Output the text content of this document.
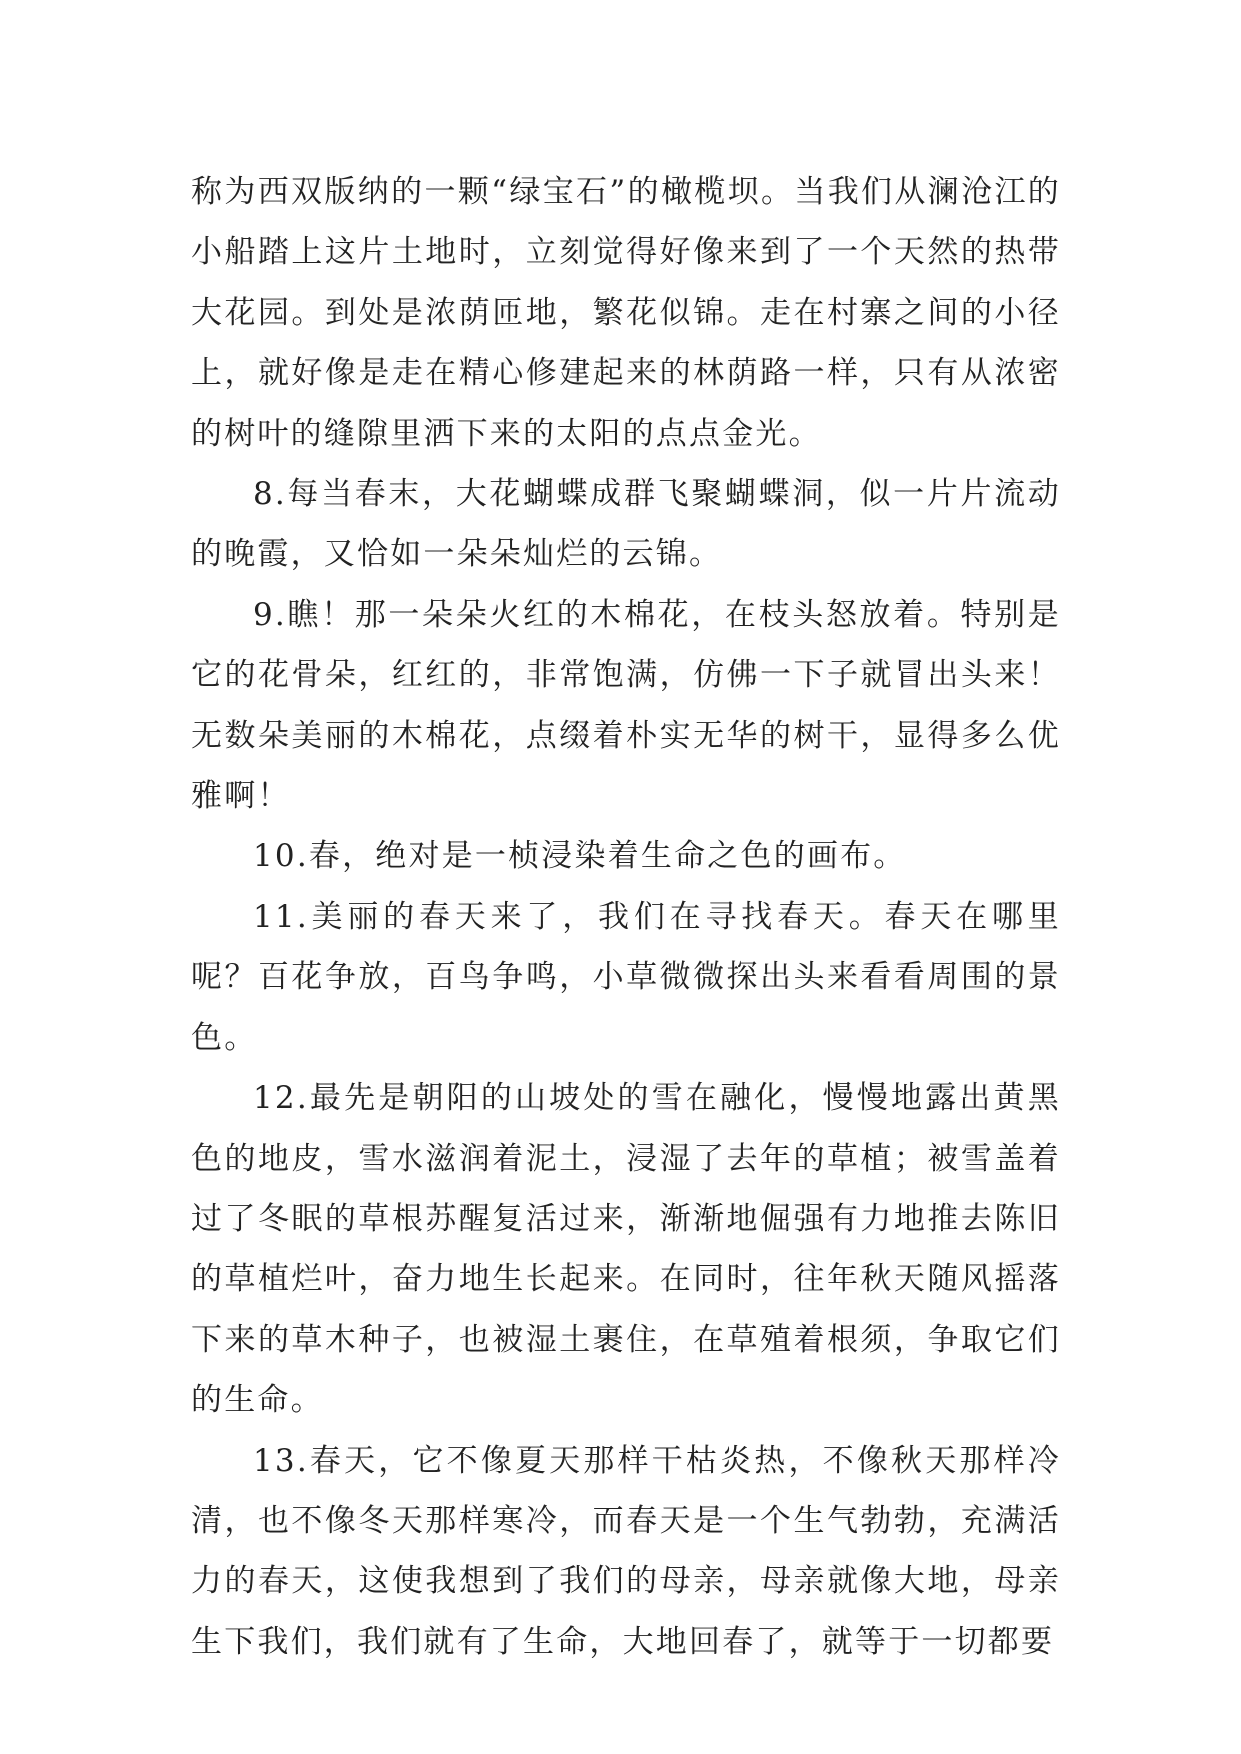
称为西双版纳的一颗“绿宝石”的橄榄坝。当我们从澜沧江的小船踏上这片土地时，立刻觉得好像来到了一个天然的热带大花园。到处是浓荫匝地，繁花似锦。走在村寨之间的小径上，就好像是走在精心修建起来的林荫路一样，只有从浓密的树叶的缝隙里洒下来的太阳的点点金光。

8.每当春末，大花蝴蝶成群飞聚蝴蝶洞，似一片片流动的晚霞，又恰如一朵朵灿烂的云锦。

9.瞧！那一朵朵火红的木棉花，在枝头怒放着。特别是它的花骨朵，红红的，非常饱满，仿佛一下子就冒出头来！无数朵美丽的木棉花，点缀着朴实无华的树干，显得多么优雅啊！

10.春，绝对是一桢浸染着生命之色的画布。

11.美丽的春天来了，我们在寻找春天。春天在哪里呢？百花争放，百鸟争鸣，小草微微探出头来看看周围的景色。

12.最先是朝阳的山坡处的雪在融化，慢慢地露出黄黑色的地皮，雪水滋润着泥土，浸湿了去年的草植；被雪盖着过了冬眠的草根苏醒复活过来，渐渐地倔强有力地推去陈旧的草植烂叶，奋力地生长起来。在同时，往年秋天随风摇落下来的草木种子，也被湿土裹住，在草殖着根须，争取它们的生命。

13.春天，它不像夏天那样干枯炎热，不像秋天那样冷清，也不像冬天那样寒冷，而春天是一个生气勃勃，充满活力的春天，这使我想到了我们的母亲，母亲就像大地，母亲生下我们，我们就有了生命，大地回春了，就等于一切都要
